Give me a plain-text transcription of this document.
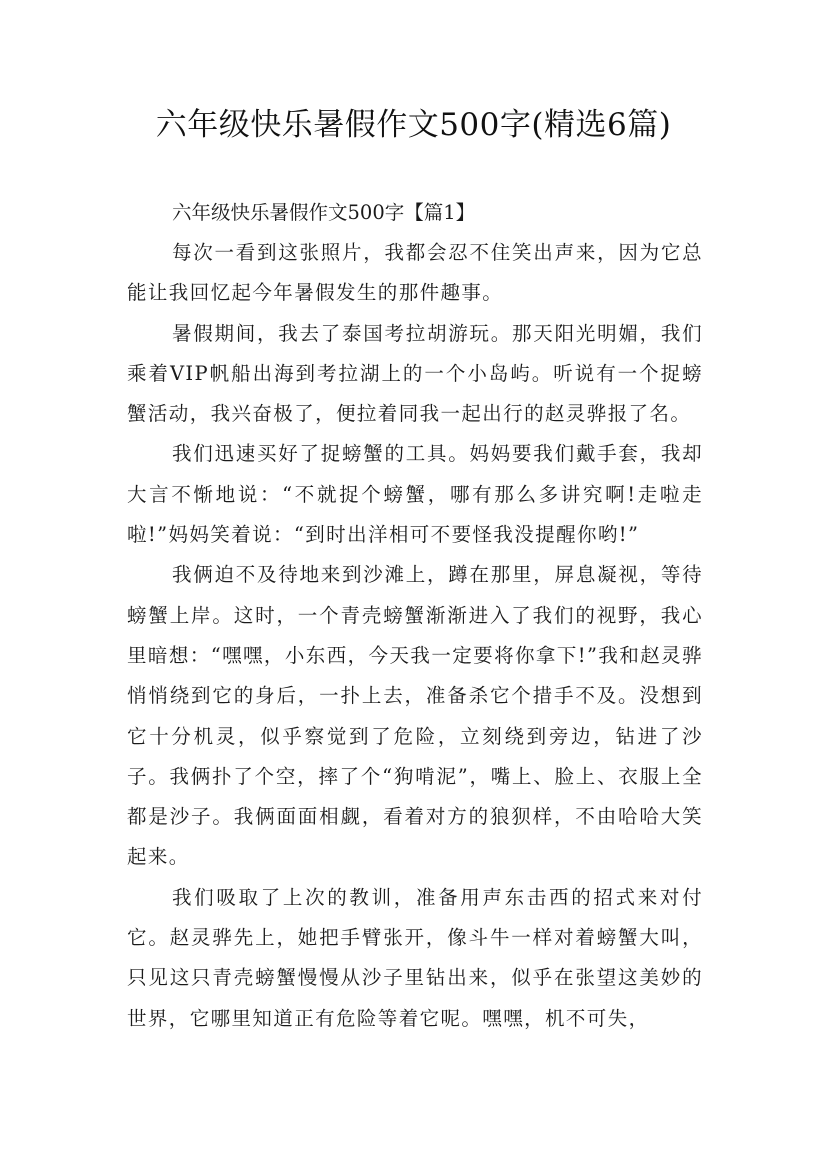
六年级快乐暑假作文500字(精选6篇)

六年级快乐暑假作文500字【篇1】

每次一看到这张照片，我都会忍不住笑出声来，因为它总能让我回忆起今年暑假发生的那件趣事。

暑假期间，我去了泰国考拉胡游玩。那天阳光明媚，我们乘着VIP帆船出海到考拉湖上的一个小岛屿。听说有一个捉螃蟹活动，我兴奋极了，便拉着同我一起出行的赵灵骅报了名。

我们迅速买好了捉螃蟹的工具。妈妈要我们戴手套，我却大言不惭地说：“不就捉个螃蟹，哪有那么多讲究啊!走啦走啦!”妈妈笑着说：“到时出洋相可不要怪我没提醒你哟!”

我俩迫不及待地来到沙滩上，蹲在那里，屏息凝视，等待螃蟹上岸。这时，一个青壳螃蟹渐渐进入了我们的视野，我心里暗想：“嘿嘿，小东西，今天我一定要将你拿下!”我和赵灵骅悄悄绕到它的身后，一扑上去，准备杀它个措手不及。没想到它十分机灵，似乎察觉到了危险，立刻绕到旁边，钻进了沙子。我俩扑了个空，摔了个“狗啃泥”，嘴上、脸上、衣服上全都是沙子。我俩面面相觑，看着对方的狼狈样，不由哈哈大笑起来。

我们吸取了上次的教训，准备用声东击西的招式来对付它。赵灵骅先上，她把手臂张开，像斗牛一样对着螃蟹大叫，只见这只青壳螃蟹慢慢从沙子里钻出来，似乎在张望这美妙的世界，它哪里知道正有危险等着它呢。嘿嘿，机不可失，
